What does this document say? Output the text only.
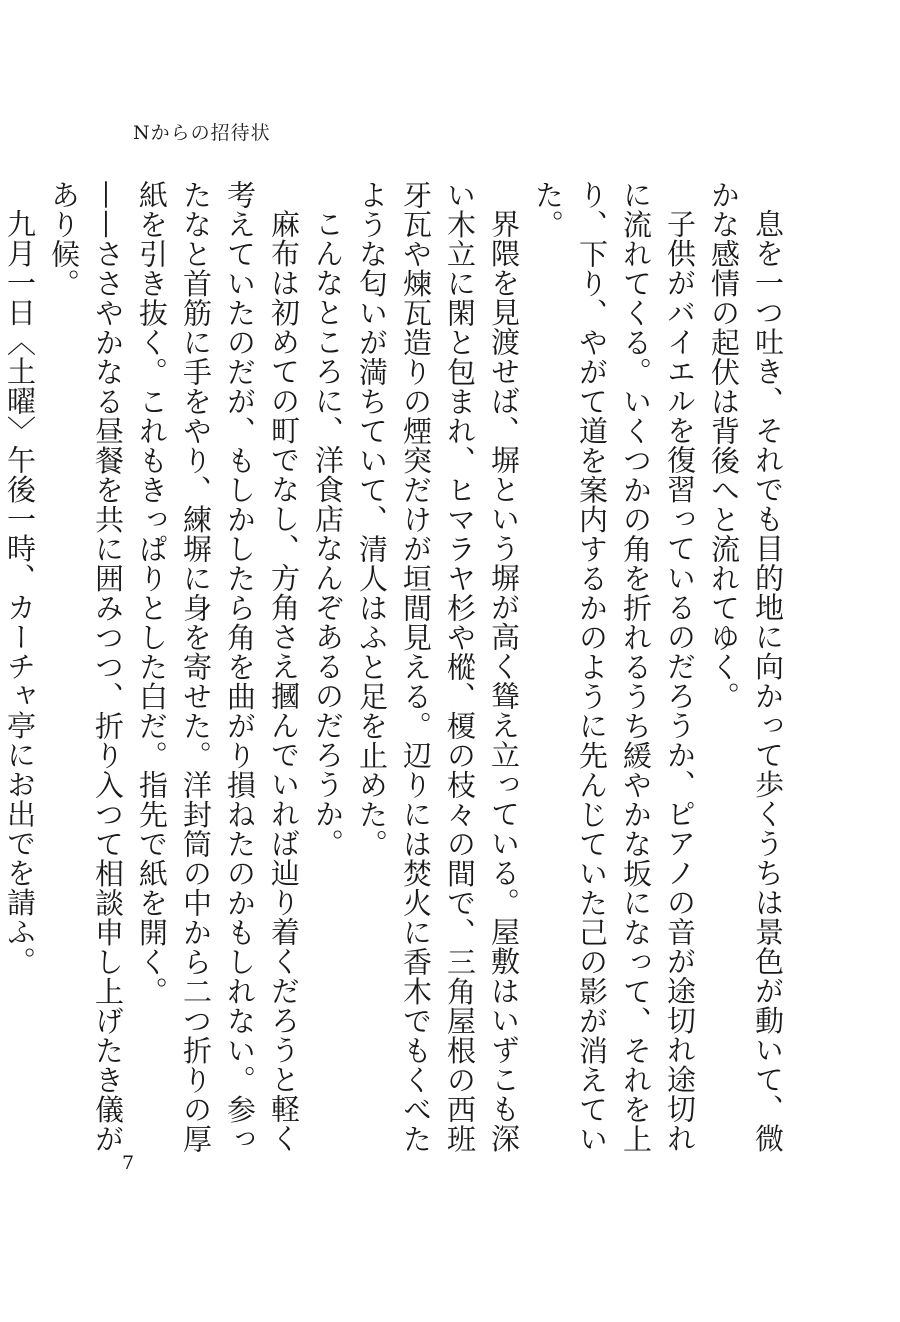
Nからの招待状

息を一つ吐き、それでも目的地に向かって歩くうちは景色が動いて、微かな感情の起伏は背後へと流れてゆく。

子供がバイエルを復習っているのだろうか、ピアノの音が途切れ途切れに流れてくる。いくつかの角を折れるうち緩やかな坂になって、それを上り、下り、やがて道を案内するかのように先んじていた己の影が消えていた。

界隈を見渡せば、塀という塀が高く聳え立っている。屋敷はいずこも深い木立に閑と包まれ、ヒマラヤ杉や樅、榎の枝々の間で、三角屋根の西班牙瓦や煉瓦造りの煙突だけが垣間見える。辺りには焚火に香木でもくべたような匂いが満ちていて、清人はふと足を止めた。

こんなところに、洋食店なんぞあるのだろうか。

麻布は初めての町でなし、方角さえ摑んでいれば辿り着くだろうと軽く考えていたのだが、もしかしたら角を曲がり損ねたのかもしれない。参ったなと首筋に手をやり、練塀に身を寄せた。洋封筒の中から二つ折りの厚紙を引き抜く。これもきっぱりとした白だ。指先で紙を開く。

——ささやかなる昼餐を共に囲みつつ、折り入つて相談申し上げたき儀があり候。

九月一日〈土曜〉午後一時、カーチャ亭にお出でを請ふ。

7
